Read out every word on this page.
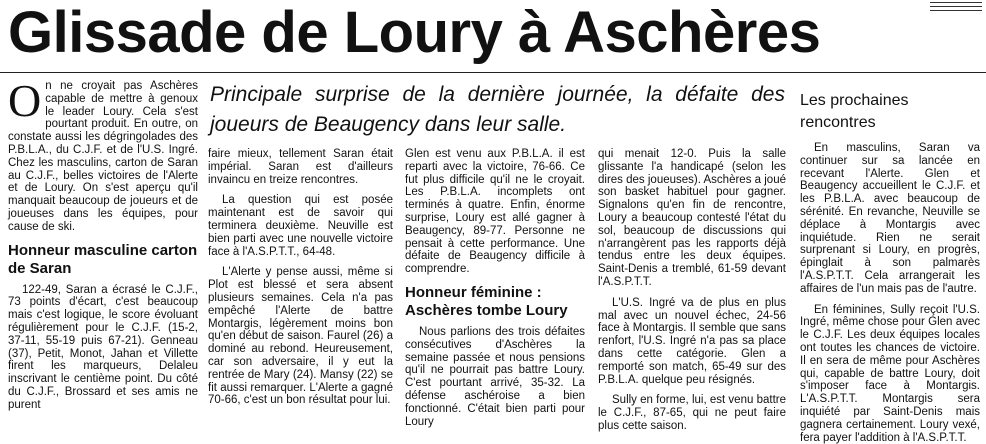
Glissade de Loury à Aschères
On ne croyait pas Aschères capable de mettre à genoux le leader Loury. Cela s'est pourtant produit. En outre, on constate aussi les dégringolades des P.B.L.A., du C.J.F. et de l'U.S. Ingré. Chez les masculins, carton de Saran au C.J.F., belles victoires de l'Alerte et de Loury. On s'est aperçu qu'il manquait beaucoup de joueurs et de joueuses dans les équipes, pour cause de ski.
Honneur masculine carton de Saran

122-49, Saran a écrasé le C.J.F., 73 points d'écart, c'est beaucoup mais c'est logique, le score évoluant régulièrement pour le C.J.F. (15-2, 37-11, 55-19 puis 67-21). Genneau (37), Petit, Monot, Jahan et Villette firent les marqueurs, Delaleu inscrivant le centième point. Du côté du C.J.F., Brossard et ses amis ne purent

Principale surprise de la dernière journée, la défaite des joueurs de Beaugency dans leur salle.

faire mieux, tellement Saran était impérial. Saran est d'ailleurs invaincu en treize rencontres.

La question qui est posée maintenant est de savoir qui terminera deuxième. Neuville est bien parti avec une nouvelle victoire face à l'A.S.P.T.T., 64-48.

L'Alerte y pense aussi, même si Plot est blessé et sera absent plusieurs semaines. Cela n'a pas empêché l'Alerte de battre Montargis, légèrement moins bon qu'en début de saison. Faurel (26) a dominé au rebond. Heureusement, car son adversaire, il y eut la rentrée de Mary (24). Mansy (22) se fit aussi remarquer. L'Alerte a gagné 70-66, c'est un bon résultat pour lui.

Glen est venu aux P.B.L.A. il est reparti avec la victoire, 76-66. Ce fut plus difficile qu'il ne le croyait. Les P.B.L.A. incomplets ont terminés à quatre. Enfin, énorme surprise, Loury est allé gagner à Beaugency, 89-77. Personne ne pensait à cette performance. Une défaite de Beaugency difficile à comprendre.

Honneur féminine : Aschères tombe Loury

Nous parlions des trois défaites consécutives d'Aschères la semaine passée et nous pensions qu'il ne pourrait pas battre Loury. C'est pourtant arrivé, 35-32. La défense aschéroise a bien fonctionné. C'était bien parti pour Loury

qui menait 12-0. Puis la salle glissante l'a handicapé (selon les dires des joueuses). Aschères a joué son basket habituel pour gagner. Signalons qu'en fin de rencontre, Loury a beaucoup contesté l'état du sol, beaucoup de discussions qui n'arrangèrent pas les rapports déjà tendus entre les deux équipes. Saint-Denis a tremblé, 61-59 devant l'A.S.P.T.T.

L'U.S. Ingré va de plus en plus mal avec un nouvel échec, 24-56 face à Montargis. Il semble que sans renfort, l'U.S. Ingré n'a pas sa place dans cette catégorie. Glen a remporté son match, 65-49 sur des P.B.L.A. quelque peu résignés.

Sully en forme, lui, est venu battre le C.J.F., 87-65, qui ne peut faire plus cette saison.

Les prochaines rencontres

En masculins, Saran va continuer sur sa lancée en recevant l'Alerte. Glen et Beaugency accueillent le C.J.F. et les P.B.L.A. avec beaucoup de sérénité. En revanche, Neuville se déplace à Montargis avec inquiétude. Rien ne serait surprenant si Loury, en progrès, épinglait à son palmarès l'A.S.P.T.T. Cela arrangerait les affaires de l'un mais pas de l'autre.

En féminines, Sully reçoit l'U.S. Ingré, même chose pour Glen avec le C.J.F. Les deux équipes locales ont toutes les chances de victoire. Il en sera de même pour Aschères qui, capable de battre Loury, doit s'imposer face à Montargis. L'A.S.P.T.T. Montargis sera inquiété par Saint-Denis mais gagnera certainement. Loury vexé, fera payer l'addition à l'A.S.P.T.T.
